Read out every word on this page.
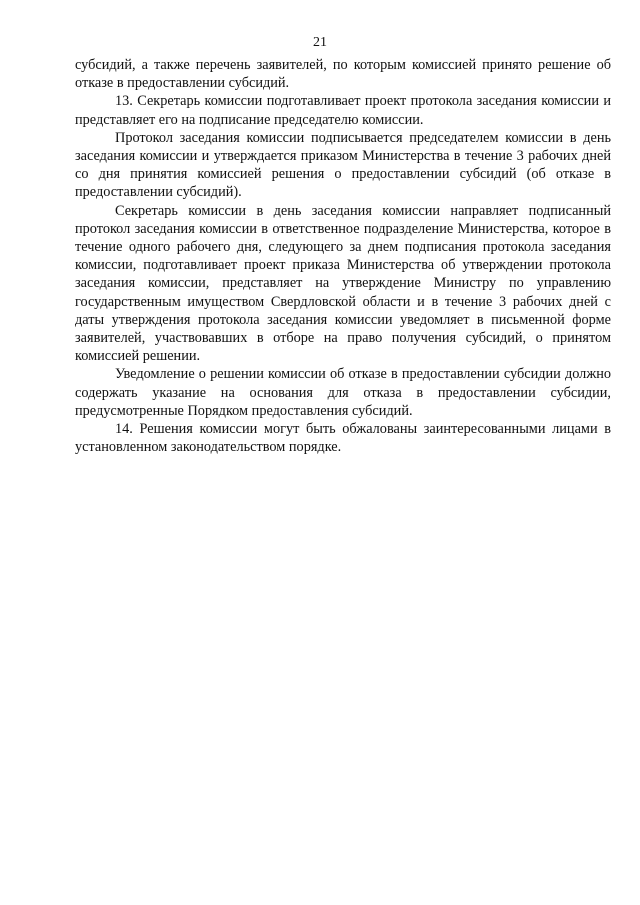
21

субсидий, а также перечень заявителей, по которым комиссией принято решение об отказе в предоставлении субсидий.

13. Секретарь комиссии подготавливает проект протокола заседания комиссии и представляет его на подписание председателю комиссии.

Протокол заседания комиссии подписывается председателем комиссии в день заседания комиссии и утверждается приказом Министерства в течение 3 рабочих дней со дня принятия комиссией решения о предоставлении субсидий (об отказе в предоставлении субсидий).

Секретарь комиссии в день заседания комиссии направляет подписанный протокол заседания комиссии в ответственное подразделение Министерства, которое в течение одного рабочего дня, следующего за днем подписания протокола заседания комиссии, подготавливает проект приказа Министерства об утверждении протокола заседания комиссии, представляет на утверждение Министру по управлению государственным имуществом Свердловской области и в течение 3 рабочих дней с даты утверждения протокола заседания комиссии уведомляет в письменной форме заявителей, участвовавших в отборе на право получения субсидий, о принятом комиссией решении.

Уведомление о решении комиссии об отказе в предоставлении субсидии должно содержать указание на основания для отказа в предоставлении субсидии, предусмотренные Порядком предоставления субсидий.

14. Решения комиссии могут быть обжалованы заинтересованными лицами в установленном законодательством порядке.
